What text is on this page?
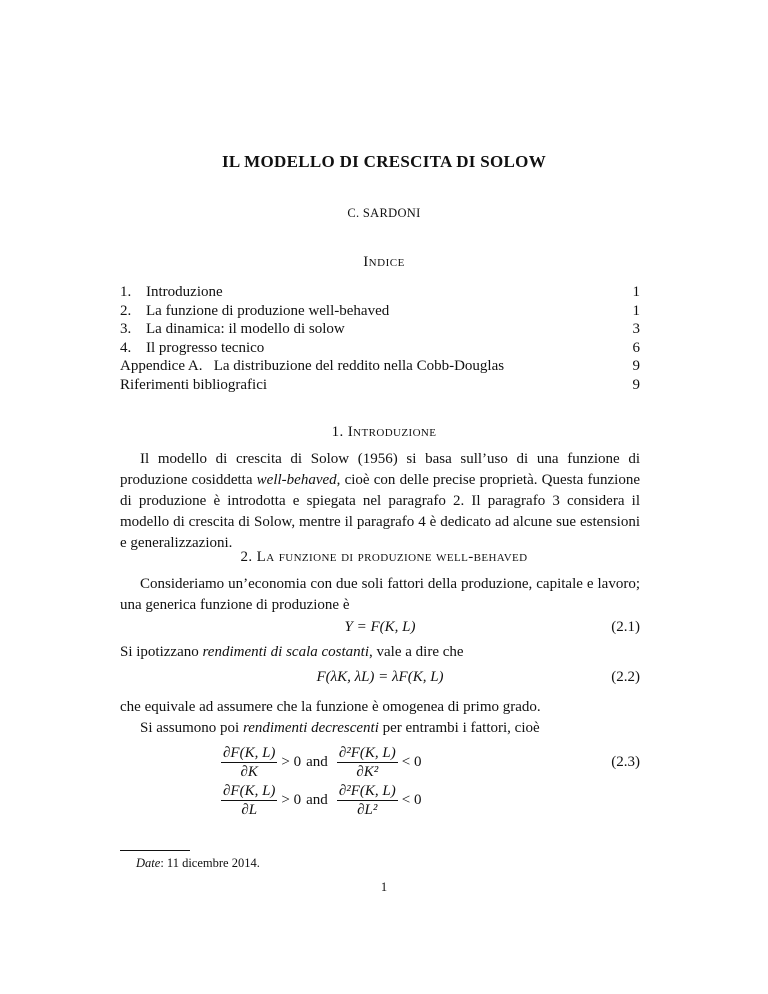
IL MODELLO DI CRESCITA DI SOLOW
C. SARDONI
Indice
1. Introduzione	1
2. La funzione di produzione well-behaved	1
3. La dinamica: il modello di solow	3
4. Il progresso tecnico	6
Appendice A.   La distribuzione del reddito nella Cobb-Douglas	9
Riferimenti bibliografici	9
1. Introduzione
Il modello di crescita di Solow (1956) si basa sull’uso di una funzione di produzione cosiddetta well-behaved, cioè con delle precise proprietà. Questa funzione di produzione è introdotta e spiegata nel paragrafo 2. Il paragrafo 3 considera il modello di crescita di Solow, mentre il paragrafo 4 è dedicato ad alcune sue estensioni e generalizzazioni.
2. La funzione di produzione well-behaved
Consideriamo un’economia con due soli fattori della produzione, capitale e lavoro; una generica funzione di produzione è
Y = F(K, L)	(2.1)
Si ipotizzano rendimenti di scala costanti, vale a dire che
F(λK, λL) = λF(K, L)	(2.2)
che equivale ad assumere che la funzione è omogenea di primo grado.
Si assumono poi rendimenti decrescenti per entrambi i fattori, cioè
$\frac{\partial F(K, L)}{\partial K} > 0$ and $\frac{\text{∂²F(K, L)}}{\text{∂K²}} < 0$	(2.3)
$\frac{\partial F(K, L)}{\partial L} > 0$ and $\frac{\text{∂²F(K, L)}}{\text{∂L²}} < 0$
Date: 11 dicembre 2014.
1
